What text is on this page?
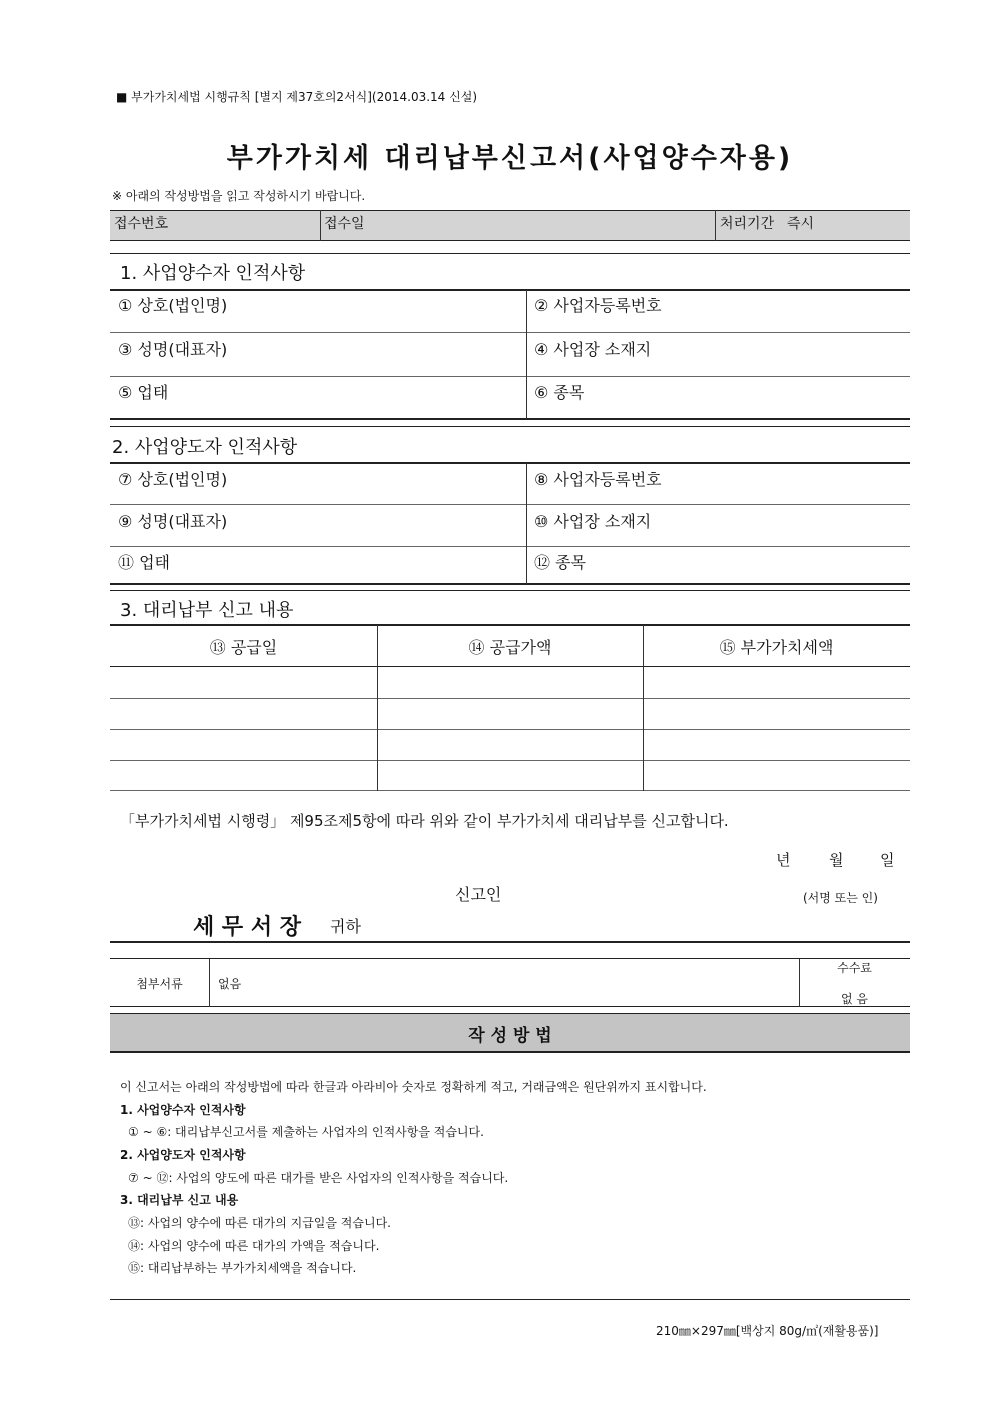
■ 부가가치세법 시행규칙 [별지 제37호의2서식](2014.03.14 신설)
부가가치세 대리납부신고서(사업양수자용)
※ 아래의 작성방법을 읽고 작성하시기 바랍니다.
접수번호	접수일	처리기간 즉시
1. 사업양수자 인적사항
① 상호(법인명)	② 사업자등록번호
③ 성명(대표자)	④ 사업장 소재지
⑤ 업태	⑥ 종목
2. 사업양도자 인적사항
⑦ 상호(법인명)	⑧ 사업자등록번호
⑨ 성명(대표자)	⑩ 사업장 소재지
⑪ 업태	⑫ 종목
3. 대리납부 신고 내용
⑬ 공급일	⑭ 공급가액	⑮ 부가가치세액
「부가가치세법 시행령」 제95조제5항에 따라 위와 같이 부가가치세 대리납부를 신고합니다.
년	월 일
신고인	(서명 또는 인)
세 무 서 장 귀하
첨부서류	없음
수수료
없 음
작 성 방 법
이 신고서는 아래의 작성방법에 따라 한글과 아라비아 숫자로 정확하게 적고, 거래금액은 원단위까지 표시합니다.
1. 사업양수자 인적사항
① ~ ⑥: 대리납부신고서를 제출하는 사업자의 인적사항을 적습니다.
2. 사업양도자 인적사항
⑦ ~ ⑫: 사업의 양도에 따른 대가를 받은 사업자의 인적사항을 적습니다.
3. 대리납부 신고 내용
⑬: 사업의 양수에 따른 대가의 지급일을 적습니다.
⑭: 사업의 양수에 따른 대가의 가액을 적습니다.
⑮: 대리납부하는 부가가치세액을 적습니다.
210㎜×297㎜[백상지 80g/㎡(재활용품)]
